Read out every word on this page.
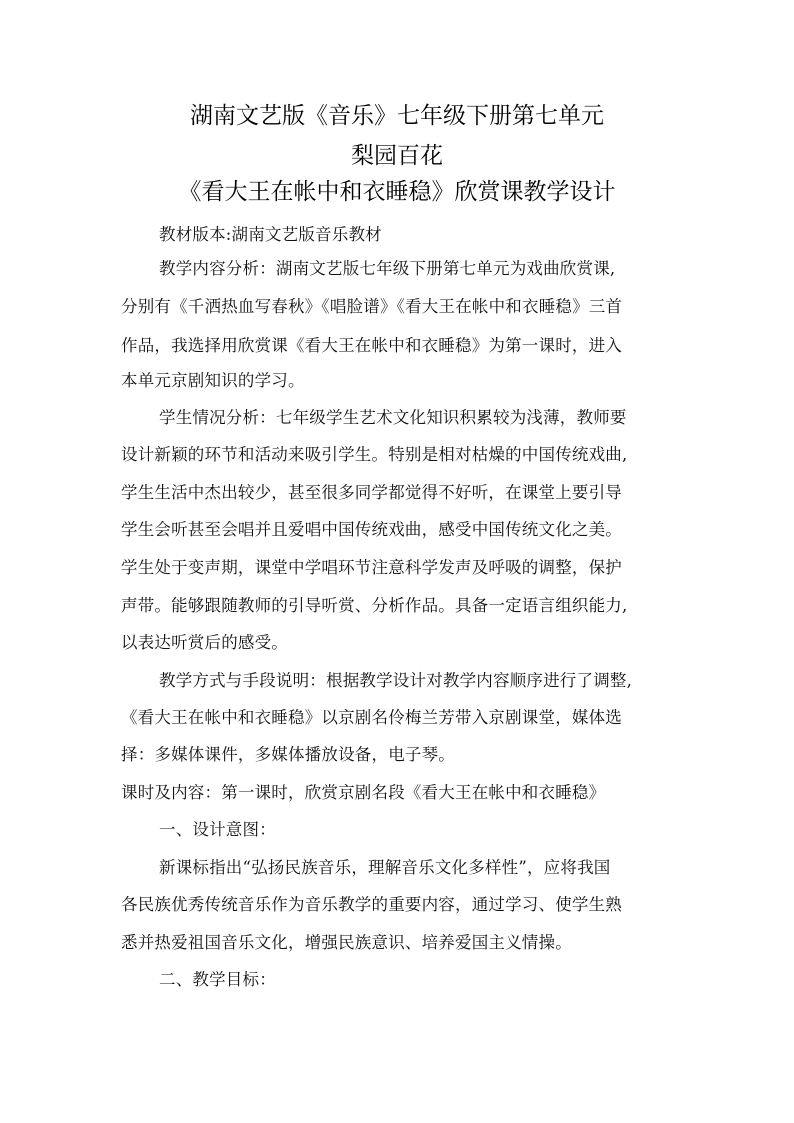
湖南文艺版《音乐》七年级下册第七单元
梨园百花
《看大王在帐中和衣睡稳》欣赏课教学设计
教材版本:湖南文艺版音乐教材
教学内容分析：湖南文艺版七年级下册第七单元为戏曲欣赏课,
分别有《千洒热血写春秋》《唱脸谱》《看大王在帐中和衣睡稳》三首
作品，我选择用欣赏课《看大王在帐中和衣睡稳》为第一课时，进入
本单元京剧知识的学习。
学生情况分析：七年级学生艺术文化知识积累较为浅薄，教师要
设计新颖的环节和活动来吸引学生。特别是相对枯燥的中国传统戏曲,
学生生活中杰出较少，甚至很多同学都觉得不好听，在课堂上要引导
学生会听甚至会唱并且爱唱中国传统戏曲，感受中国传统文化之美。
学生处于变声期，课堂中学唱环节注意科学发声及呼吸的调整，保护
声带。能够跟随教师的引导听赏、分析作品。具备一定语言组织能力,
以表达听赏后的感受。
教学方式与手段说明：根据教学设计对教学内容顺序进行了调整,
《看大王在帐中和衣睡稳》以京剧名伶梅兰芳带入京剧课堂，媒体选
择：多媒体课件，多媒体播放设备，电子琴。
课时及内容：第一课时，欣赏京剧名段《看大王在帐中和衣睡稳》
一、设计意图：
新课标指出“弘扬民族音乐，理解音乐文化多样性”，应将我国
各民族优秀传统音乐作为音乐教学的重要内容，通过学习、使学生熟
悉并热爱祖国音乐文化，增强民族意识、培养爱国主义情操。
二、教学目标：
